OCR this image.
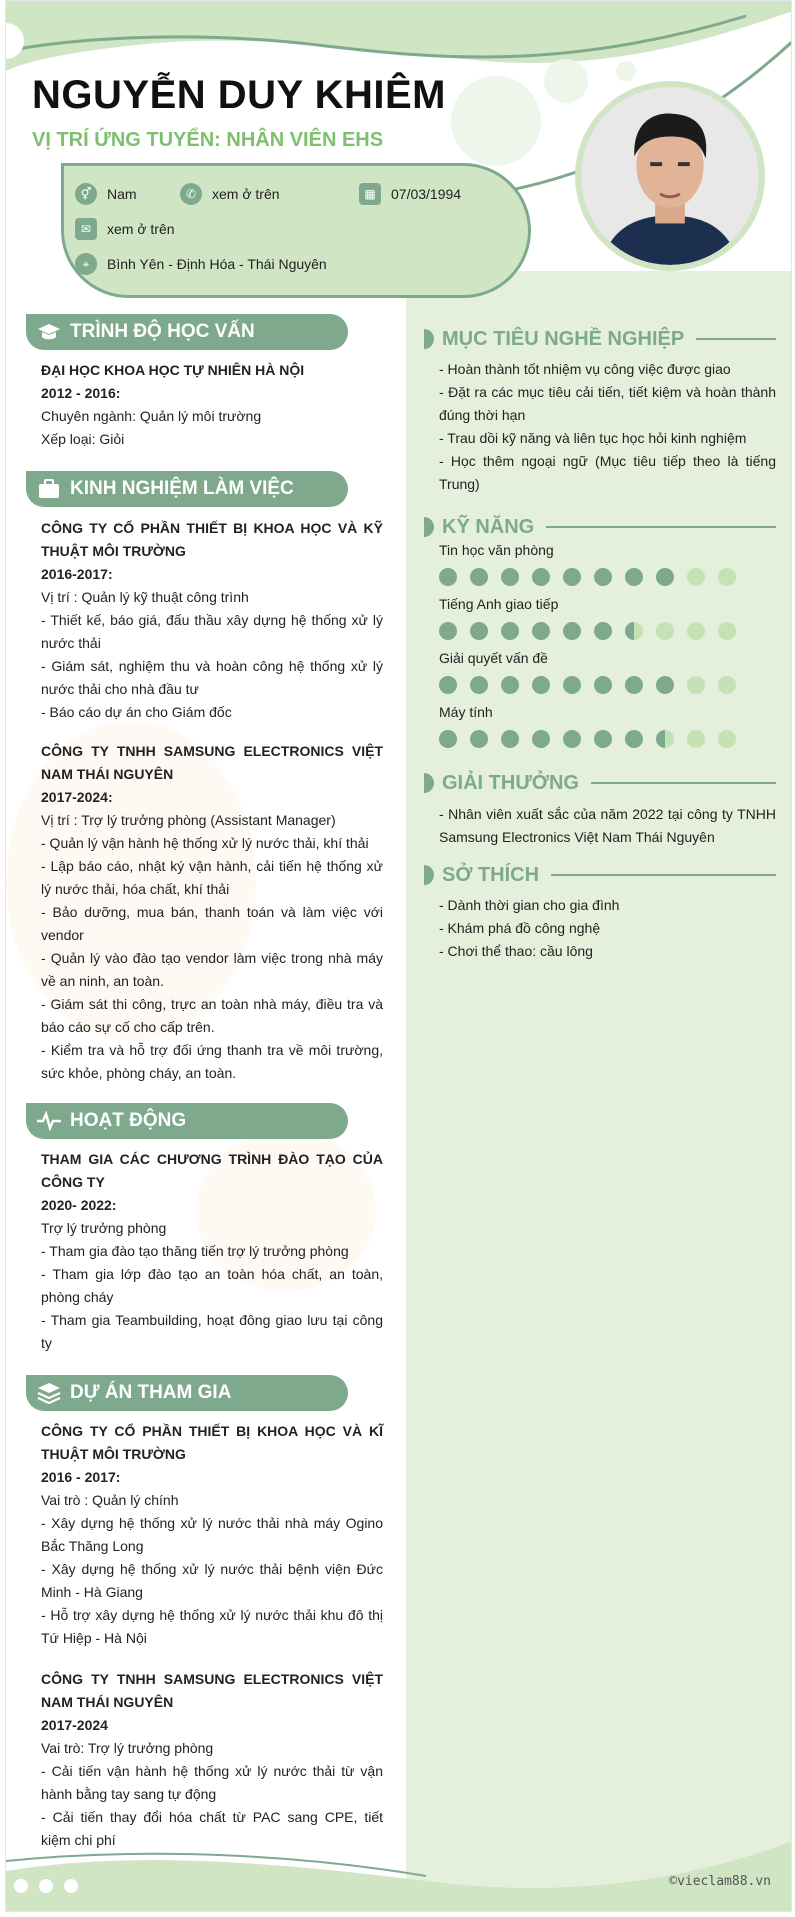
NGUYỄN DUY KHIÊM
VỊ TRÍ ỨNG TUYỂN: NHÂN VIÊN EHS
⚥	Nam	✆	xem ở trên	▦	07/03/1994
✉	xem ở trên
⌖	Bình Yên - Định Hóa - Thái Nguyên
TRÌNH ĐỘ HỌC VẤN
ĐẠI HỌC KHOA HỌC TỰ NHIÊN HÀ NỘI
2012 - 2016:
Chuyên ngành: Quản lý môi trường
Xếp loại: Giỏi
KINH NGHIỆM LÀM VIỆC
CÔNG TY CỔ PHẦN THIẾT BỊ KHOA HỌC VÀ KỸ THUẬT MÔI TRƯỜNG
2016-2017:
Vị trí : Quản lý kỹ thuật công trình
- Thiết kế, báo giá, đấu thầu xây dựng hệ thống xử lý nước thải
- Giám sát, nghiệm thu và hoàn công hệ thống xử lý nước thải cho nhà đầu tư
- Báo cáo dự án cho Giám đốc
CÔNG TY TNHH SAMSUNG ELECTRONICS VIỆT NAM THÁI NGUYÊN
2017-2024:
Vị trí : Trợ lý trưởng phòng (Assistant Manager)
- Quản lý vận hành hệ thống xử lý nước thải, khí thải
- Lập báo cáo, nhật ký vận hành, cải tiến hệ thống xử lý nước thải, hóa chất, khí thải
- Bảo dưỡng, mua bán, thanh toán và làm việc với vendor
- Quản lý vào đào tạo vendor làm việc trong nhà máy về an ninh, an toàn.
- Giám sát thi công, trực an toàn nhà máy, điều tra và báo cáo sự cố cho cấp trên.
- Kiểm tra và hỗ trợ đối ứng thanh tra về môi trường, sức khỏe, phòng cháy, an toàn.
HOẠT ĐỘNG
THAM GIA CÁC CHƯƠNG TRÌNH ĐÀO TẠO CỦA CÔNG TY
2020- 2022:
Trợ lý trưởng phòng
- Tham gia đào tạo thăng tiến trợ lý trưởng phòng
- Tham gia lớp đào tạo an toàn hóa chất, an toàn, phòng cháy
- Tham gia Teambuilding, hoạt đông giao lưu tại công ty
DỰ ÁN THAM GIA
CÔNG TY CỔ PHẦN THIẾT BỊ KHOA HỌC VÀ KĨ THUẬT MÔI TRƯỜNG
2016 - 2017:
Vai trò : Quản lý chính
- Xây dựng hệ thống xử lý nước thải nhà máy Ogino Bắc Thăng Long
- Xây dựng hệ thống xử lý nước thải bệnh viện Đức Minh - Hà Giang
- Hỗ trợ xây dựng hệ thống xử lý nước thải khu đô thị Tứ Hiệp - Hà Nội
CÔNG TY TNHH SAMSUNG ELECTRONICS VIỆT NAM THÁI NGUYÊN
2017-2024
Vai trò: Trợ lý trưởng phòng
- Cải tiến vận hành hệ thống xử lý nước thải từ vận hành bằng tay sang tự động
- Cải tiến thay đổi hóa chất từ PAC sang CPE, tiết kiệm chi phí
MỤC TIÊU NGHỀ NGHIỆP
- Hoàn thành tốt nhiệm vụ công việc được giao
- Đặt ra các mục tiêu cải tiến, tiết kiệm và hoàn thành đúng thời hạn
- Trau dồi kỹ năng và liên tục học hỏi kinh nghiệm
- Học thêm ngoại ngữ (Mục tiêu tiếp theo là tiếng Trung)
KỸ NĂNG
Tin học văn phòng
Tiếng Anh giao tiếp
Giải quyết vấn đề
Máy tính
GIẢI THƯỞNG
- Nhân viên xuất sắc của năm 2022 tại công ty TNHH Samsung Electronics Việt Nam Thái Nguyên
SỞ THÍCH
- Dành thời gian cho gia đình
- Khám phá đồ công nghệ
- Chơi thể thao: cầu lông
©vieclam88.vn
